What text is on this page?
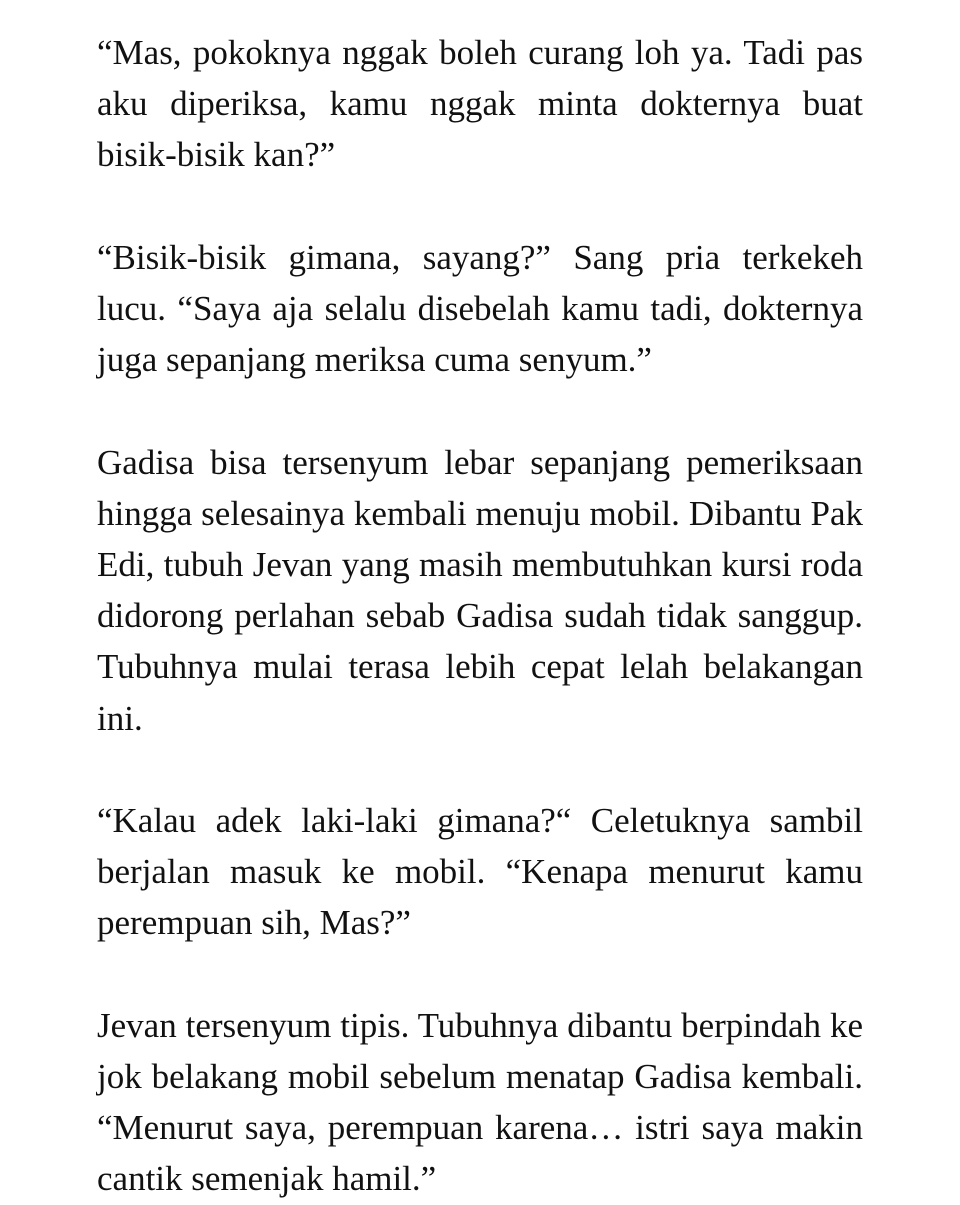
“Mas, pokoknya nggak boleh curang loh ya. Tadi pas aku diperiksa, kamu nggak minta dokternya buat bisik-bisik kan?”

“Bisik-bisik gimana, sayang?” Sang pria terkekeh lucu. “Saya aja selalu disebelah kamu tadi, dokternya juga sepanjang meriksa cuma senyum.”

Gadisa bisa tersenyum lebar sepanjang pemeriksaan hingga selesainya kembali menuju mobil. Dibantu Pak Edi, tubuh Jevan yang masih membutuhkan kursi roda didorong perlahan sebab Gadisa sudah tidak sanggup. Tubuhnya mulai terasa lebih cepat lelah belakangan ini.

“Kalau adek laki-laki gimana?“ Celetuknya sambil berjalan masuk ke mobil. “Kenapa menurut kamu perempuan sih, Mas?”

Jevan tersenyum tipis. Tubuhnya dibantu berpindah ke jok belakang mobil sebelum menatap Gadisa kembali. “Menurut saya, perempuan karena… istri saya makin cantik semenjak hamil.”
